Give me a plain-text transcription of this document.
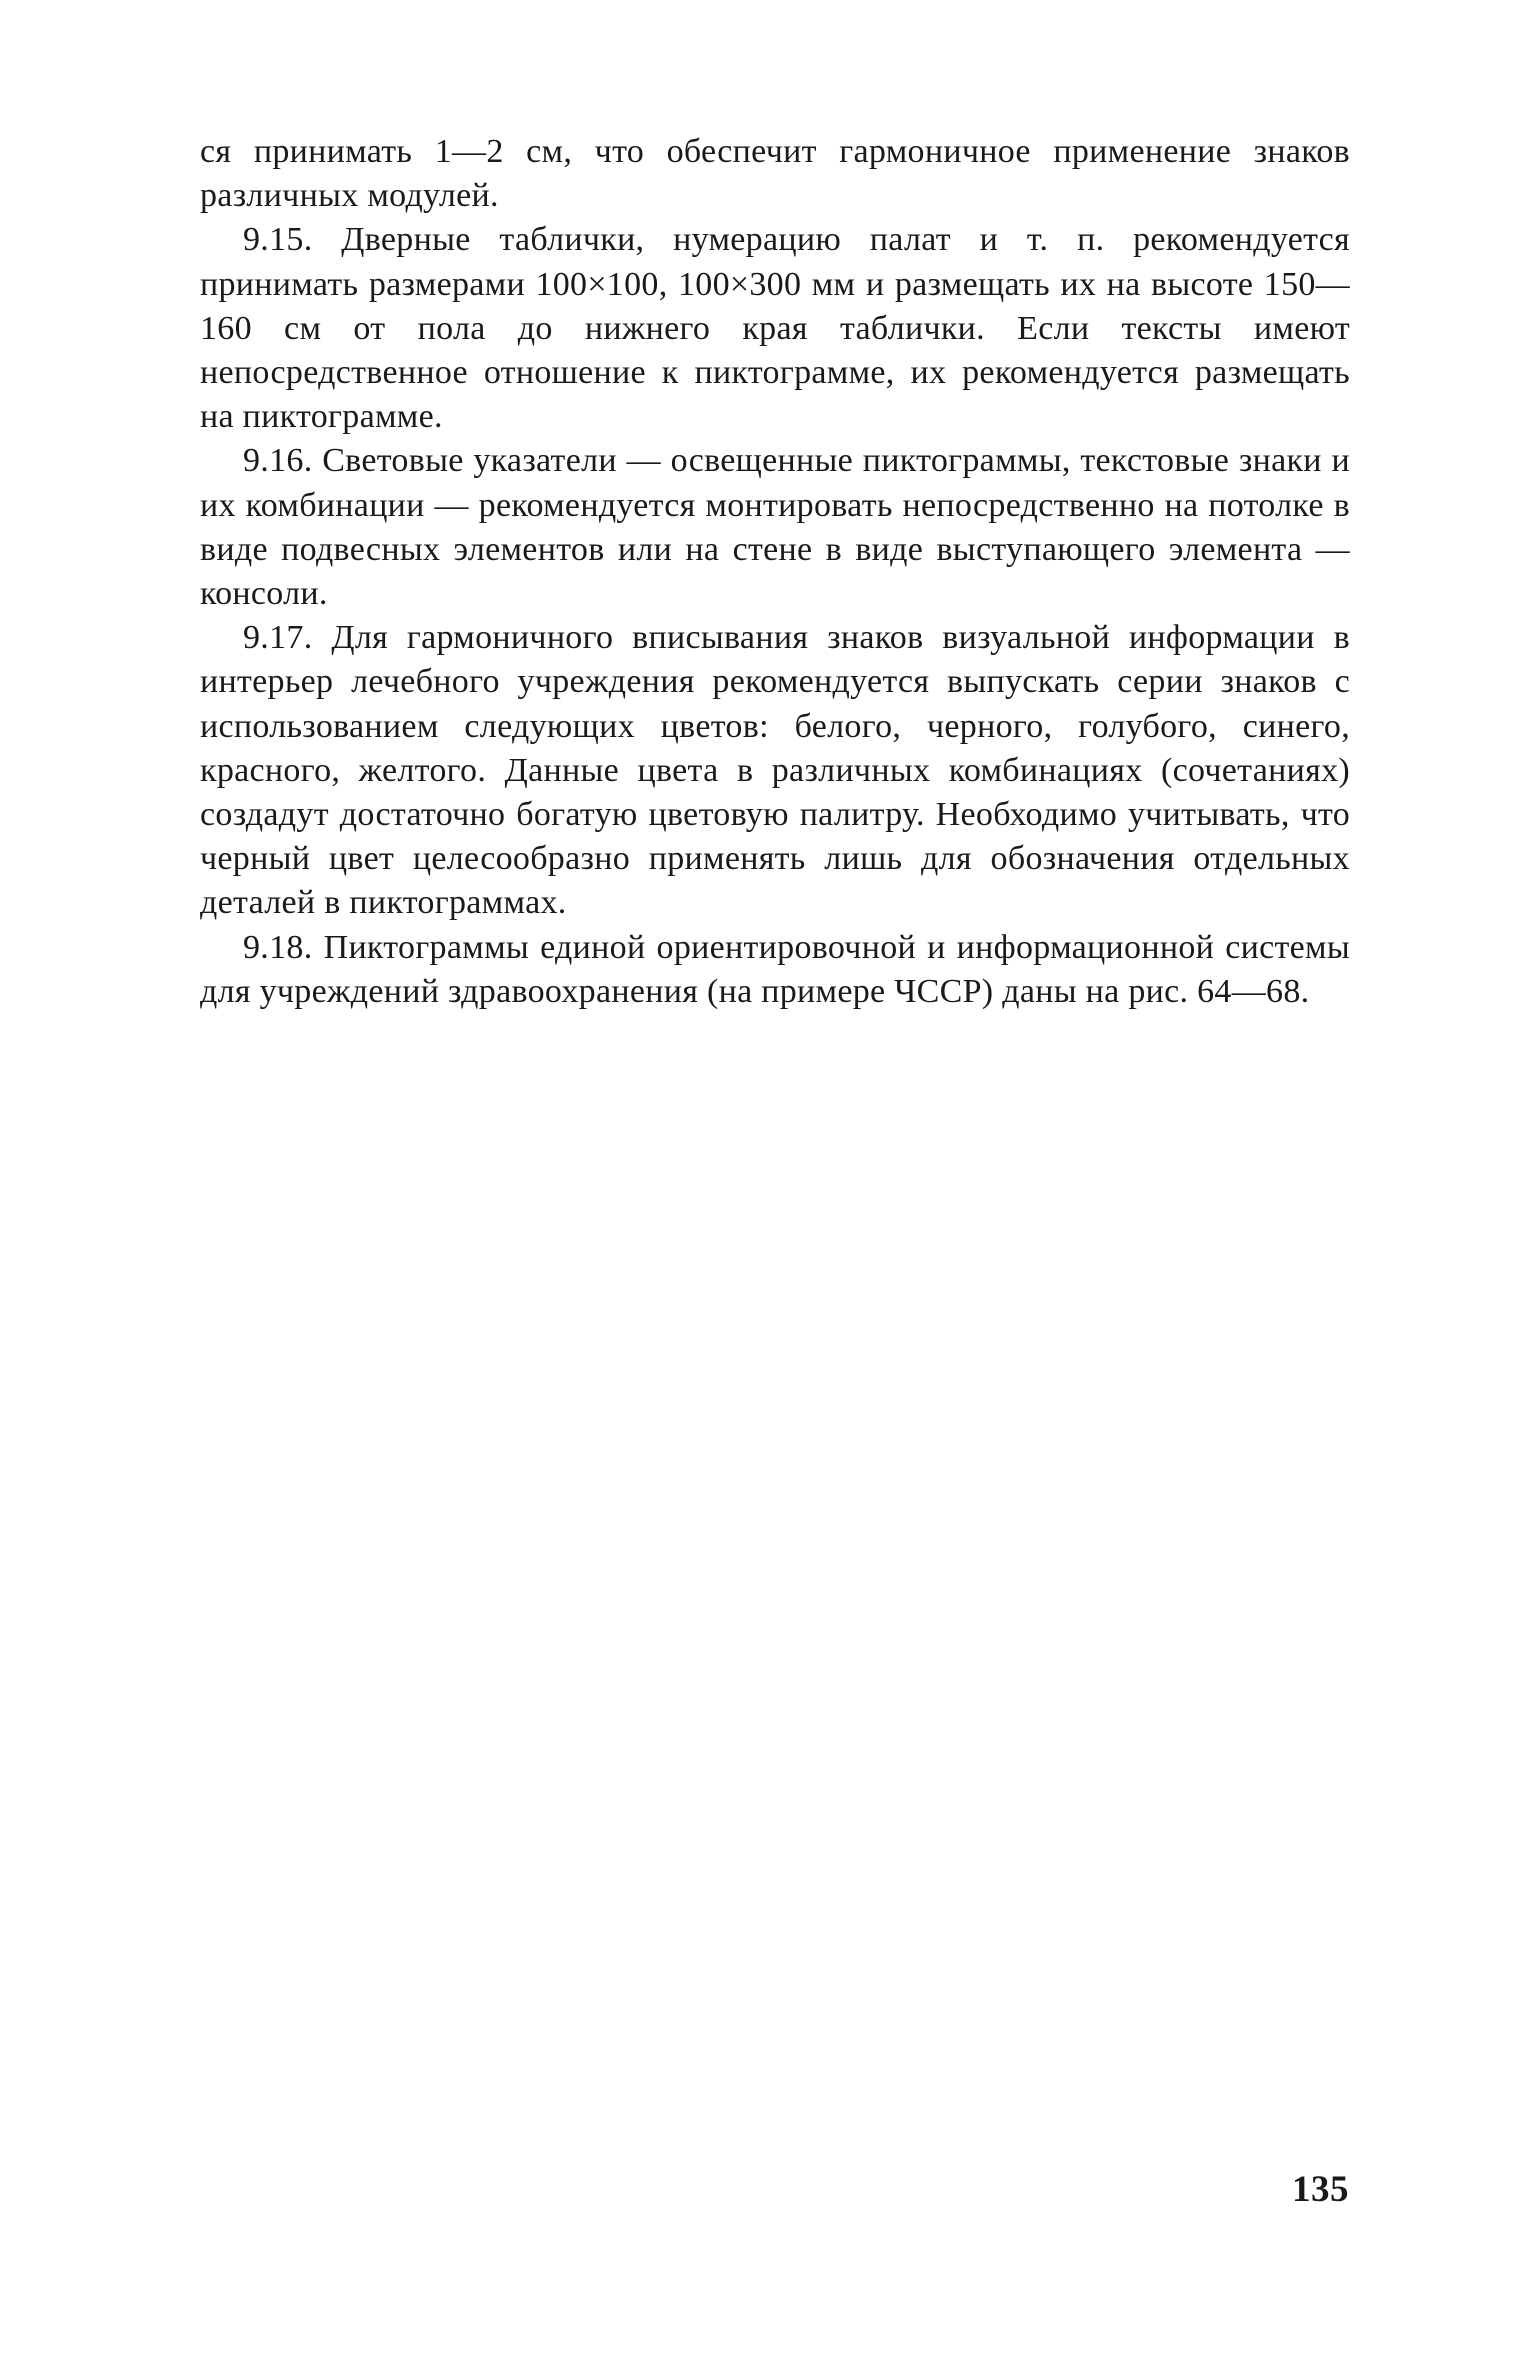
ся принимать 1—2 см, что обеспечит гармоничное применение знаков различных модулей.

9.15. Дверные таблички, нумерацию палат и т. п. рекомендуется принимать размерами 100×100, 100×300 мм и размещать их на высоте 150—160 см от пола до нижнего края таблички. Если тексты имеют непосредственное отношение к пиктограмме, их рекомендуется размещать на пиктограмме.

9.16. Световые указатели — освещенные пиктограммы, текстовые знаки и их комбинации — рекомендуется монтировать непосредственно на потолке в виде подвесных элементов или на стене в виде выступающего элемента — консоли.

9.17. Для гармоничного вписывания знаков визуальной информации в интерьер лечебного учреждения рекомендуется выпускать серии знаков с использованием следующих цветов: белого, черного, голубого, синего, красного, желтого. Данные цвета в различных комбинациях (сочетаниях) создадут достаточно богатую цветовую палитру. Необходимо учитывать, что черный цвет целесообразно применять лишь для обозначения отдельных деталей в пиктограммах.

9.18. Пиктограммы единой ориентировочной и информационной системы для учреждений здравоохранения (на примере ЧССР) даны на рис. 64—68.

135
